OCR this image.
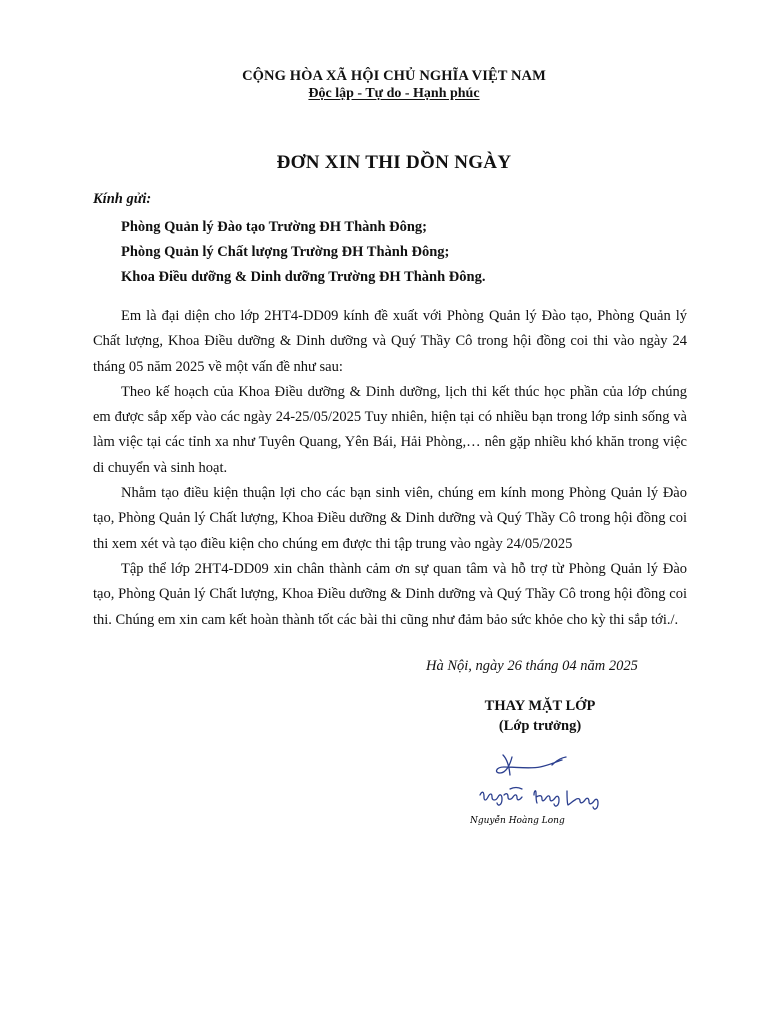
CỘNG HÒA XÃ HỘI CHỦ NGHĨA VIỆT NAM
Độc lập - Tự do - Hạnh phúc
ĐƠN XIN THI DỒN NGÀY
Kính gửi:
Phòng Quản lý Đào tạo Trường ĐH Thành Đông;
Phòng Quản lý Chất lượng Trường ĐH Thành Đông;
Khoa Điều dưỡng & Dinh dưỡng Trường ĐH Thành Đông.

Em là đại diện cho lớp 2HT4-DD09 kính đề xuất với Phòng Quản lý Đào tạo, Phòng Quản lý Chất lượng, Khoa Điều dưỡng & Dinh dưỡng và Quý Thầy Cô trong hội đồng coi thi vào ngày 24 tháng 05 năm 2025 về một vấn đề như sau:

Theo kế hoạch của Khoa Điều dưỡng & Dinh dưỡng, lịch thi kết thúc học phần của lớp chúng em được sắp xếp vào các ngày 24-25/05/2025 Tuy nhiên, hiện tại có nhiều bạn trong lớp sinh sống và làm việc tại các tỉnh xa như Tuyên Quang, Yên Bái, Hải Phòng,… nên gặp nhiều khó khăn trong việc di chuyển và sinh hoạt.

Nhằm tạo điều kiện thuận lợi cho các bạn sinh viên, chúng em kính mong Phòng Quản lý Đào tạo, Phòng Quản lý Chất lượng, Khoa Điều dưỡng & Dinh dưỡng và Quý Thầy Cô trong hội đồng coi thi xem xét và tạo điều kiện cho chúng em được thi tập trung vào ngày 24/05/2025

Tập thể lớp 2HT4-DD09 xin chân thành cảm ơn sự quan tâm và hỗ trợ từ Phòng Quản lý Đào tạo, Phòng Quản lý Chất lượng, Khoa Điều dưỡng & Dinh dưỡng và Quý Thầy Cô trong hội đồng coi thi. Chúng em xin cam kết hoàn thành tốt các bài thi cũng như đảm bảo sức khỏe cho kỳ thi sắp tới./.

Hà Nội, ngày 26 tháng 04 năm 2025
THAY MẶT LỚP
(Lớp trưởng)
